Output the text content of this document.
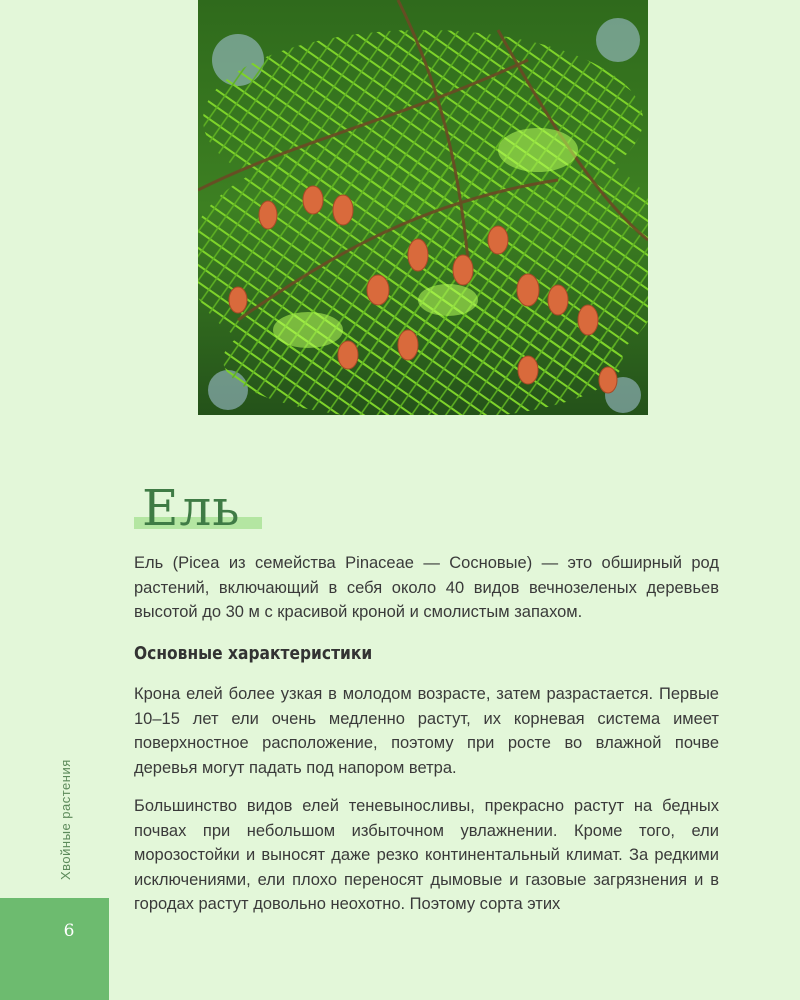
Ель

Ель (Picea из семейства Pinaceae — Сосновые) — это обширный род растений, включающий в себя около 40 видов вечнозеленых деревьев высотой до 30 м с красивой кроной и смолистым запахом.

Основные характеристики

Крона елей более узкая в молодом возрасте, затем разрастается. Первые 10–15 лет ели очень медленно растут, их корневая система имеет поверхностное расположение, поэтому при росте во влажной почве деревья могут падать под напором ветра.

Большинство видов елей теневыносливы, прекрасно растут на бедных почвах при небольшом избыточном увлажнении. Кроме того, ели морозостойки и выносят даже резко континентальный климат. За редкими исключениями, ели плохо переносят дымовые и газовые загрязнения и в городах растут довольно неохотно. Поэтому сорта этих

Хвойные растения
6
